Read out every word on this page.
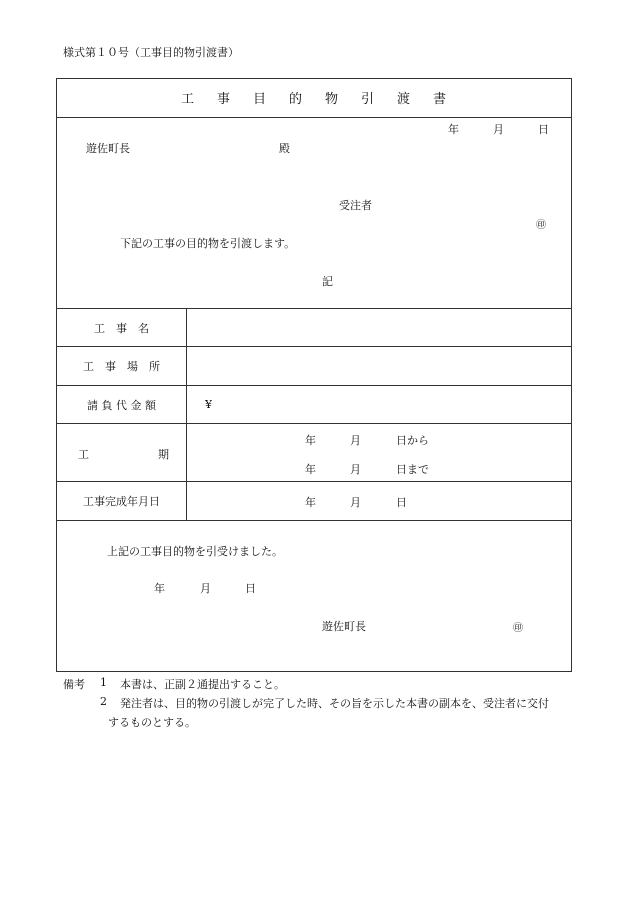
様式第１０号（工事目的物引渡書）
工 事 目 的 物 引 渡 書
年	月	日
遊佐町長	殿
受注者
㊞
下記の工事の目的物を引渡します。
記
工　事　名
工　事　場　所
請 負 代 金 額	¥
工	期
年	月	日から
年	月	日まで
工事完成年月日	年	月	日
上記の工事目的物を引受けました。
年	月	日
遊佐町長	㊞
備考 1 本書は、正副２通提出すること。
2 発注者は、目的物の引渡しが完了した時、その旨を示した本書の副本を、受注者に交付
するものとする。
